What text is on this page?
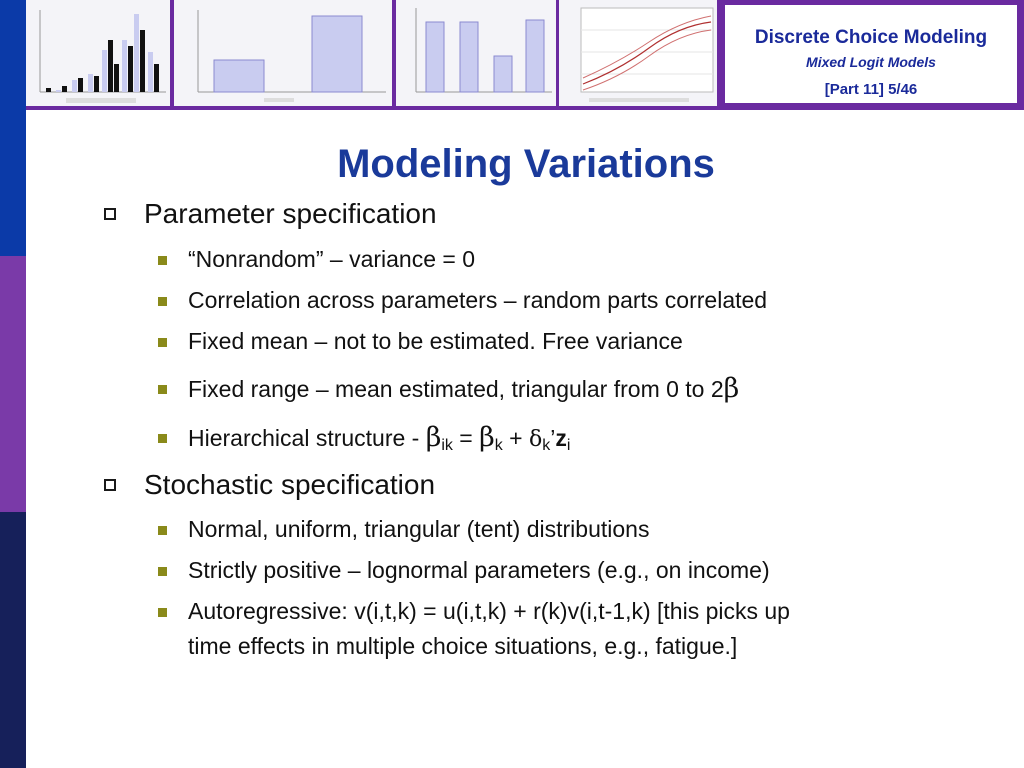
Discrete Choice Modeling
Mixed Logit Models
[Part 11] 5/46
Modeling Variations
Parameter specification
“Nonrandom” – variance = 0
Correlation across parameters – random parts correlated
Fixed mean – not to be estimated. Free variance
Fixed range – mean estimated, triangular from 0 to 2β
Hierarchical structure - $\beta_{ik} = \beta_k$ + $\delta_k’z_i$
Stochastic specification
Normal, uniform, triangular (tent) distributions
Strictly positive – lognormal parameters (e.g., on income)
Autoregressive: v(i,t,k) = u(i,t,k) + r(k)v(i,t-1,k) [this picks up
time effects in multiple choice situations, e.g., fatigue.]
